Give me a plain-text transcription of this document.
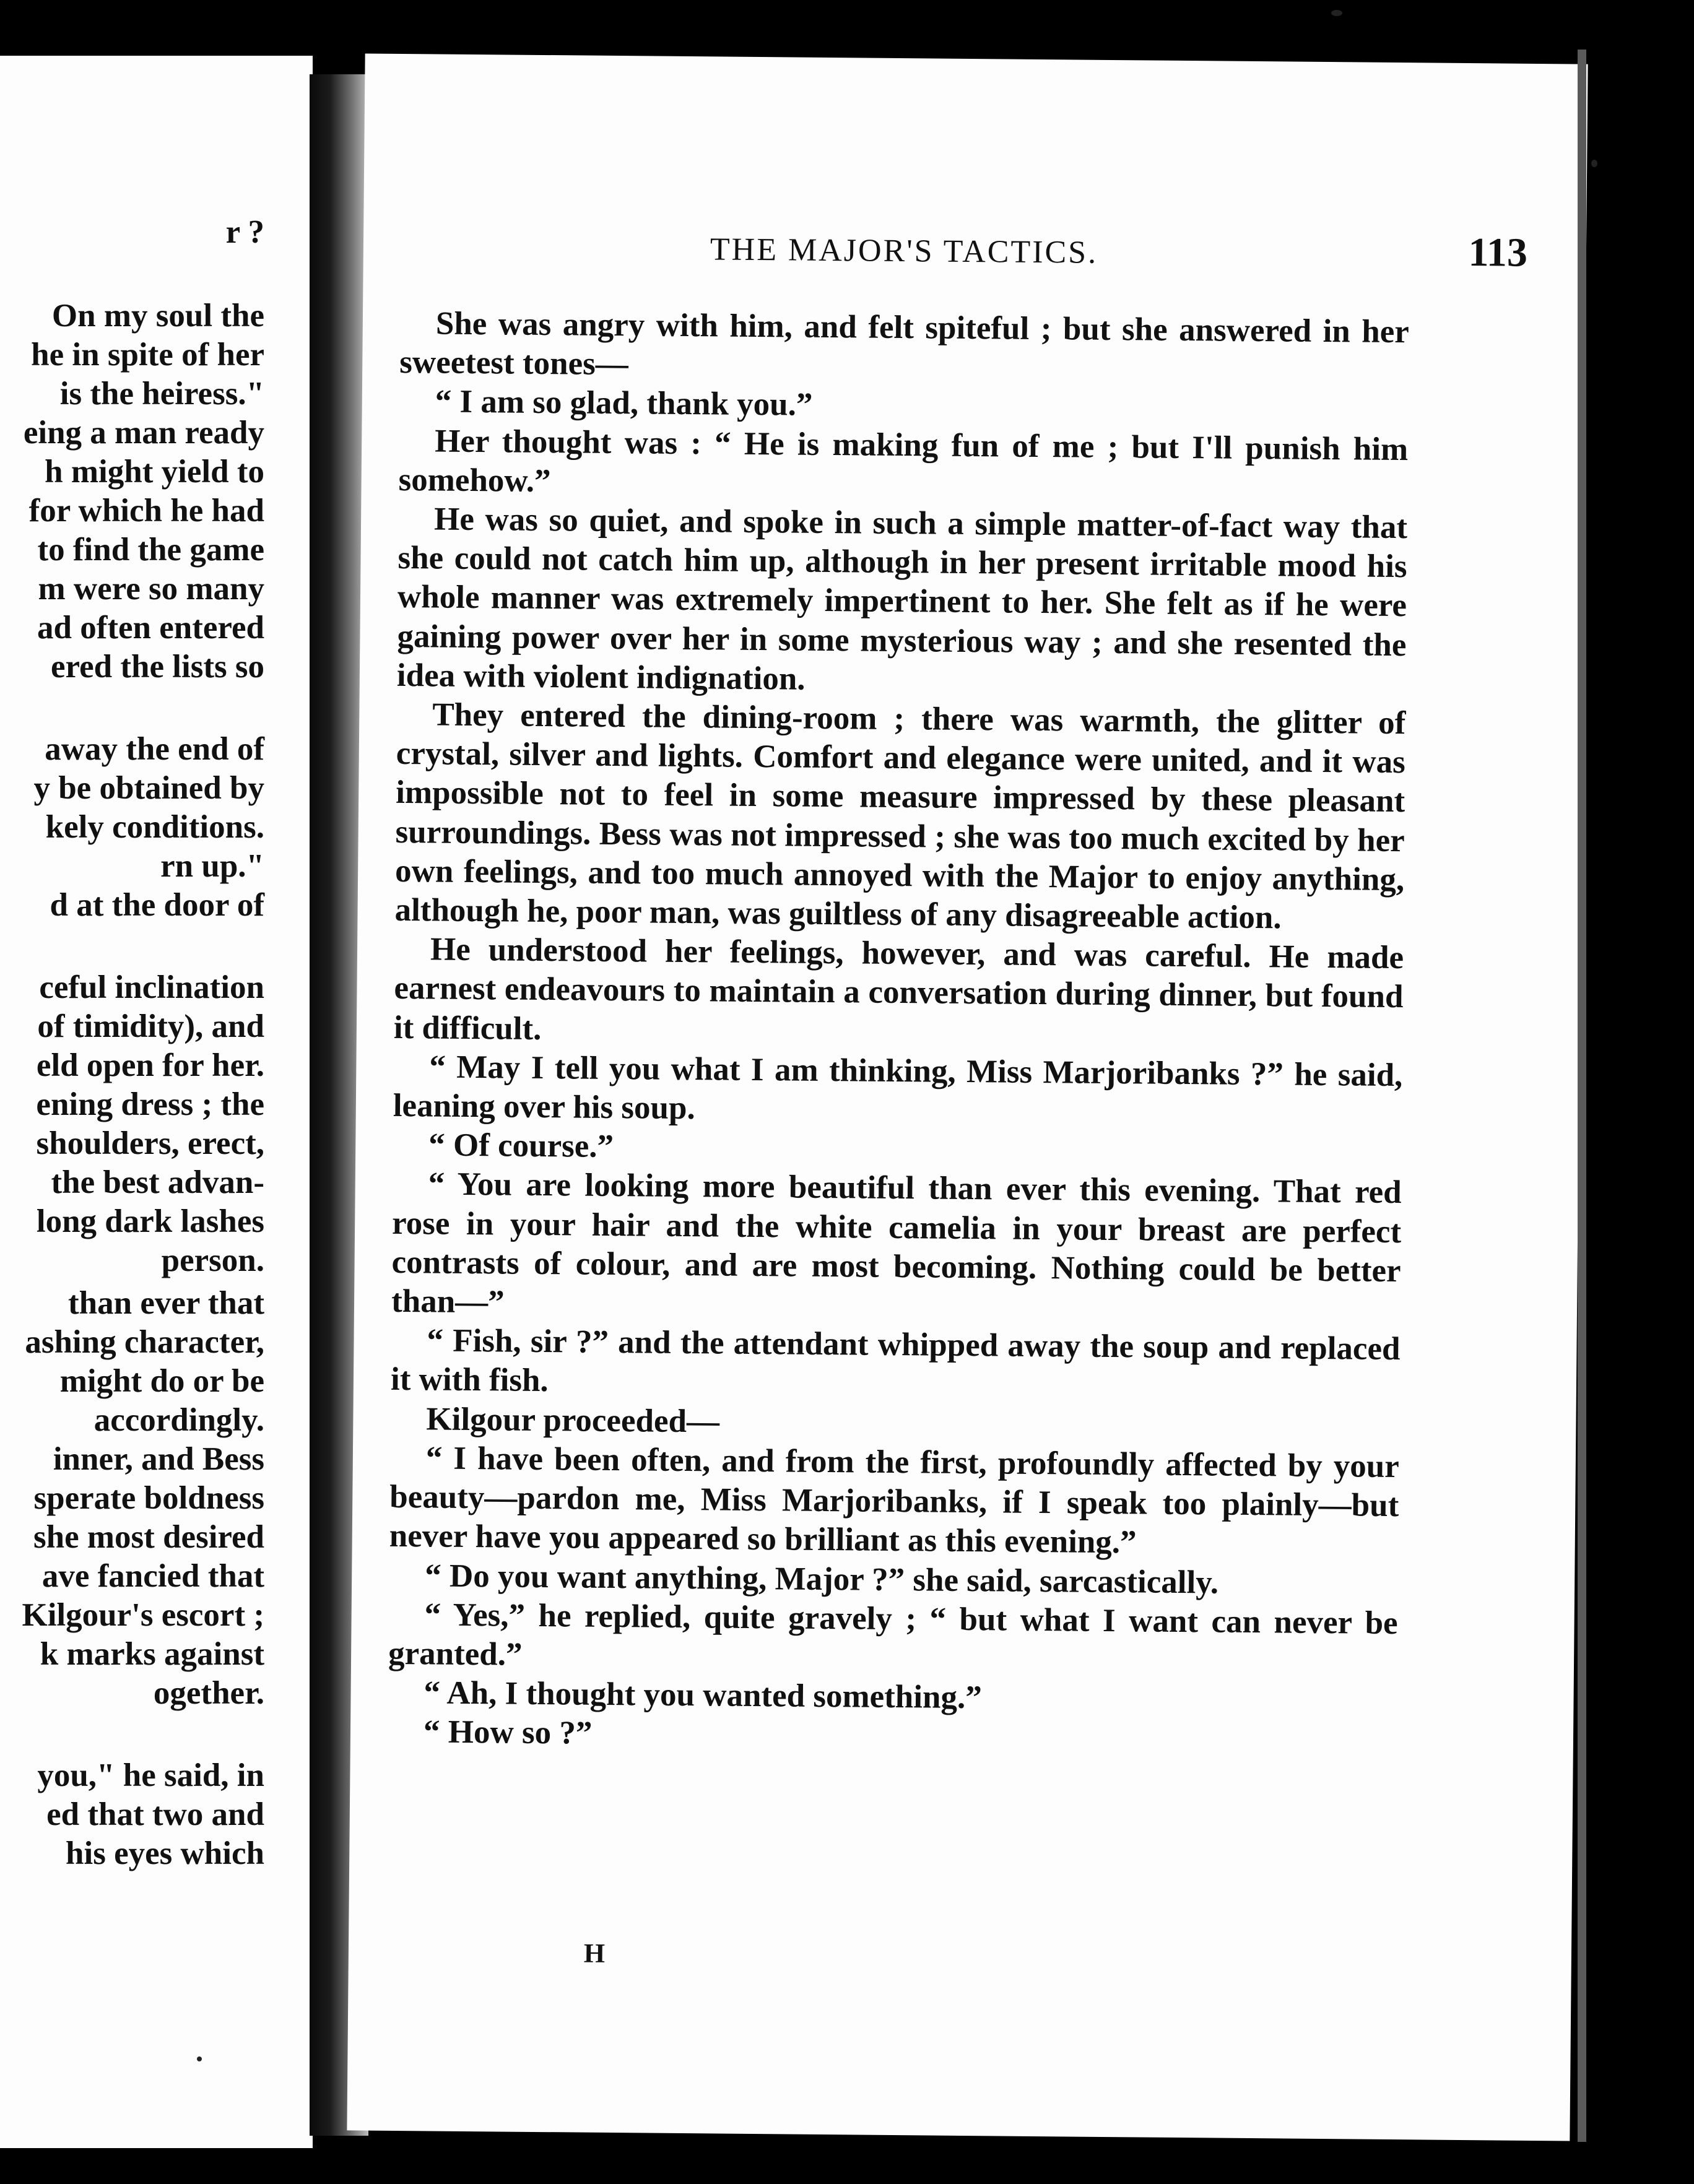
r ?

On my soul the

he in spite of her

is the heiress."

eing a man ready

h might yield to

for which he had

to find the game

m were so many

ad often entered

ered the lists so

away the end of

y be obtained by

kely conditions.

rn up."

d at the door of

ceful inclination

of timidity), and

eld open for her.

ening dress ; the

shoulders, erect,

the best advan-

long dark lashes

person.

than ever that

ashing character,

might do or be

accordingly.

inner, and Bess

sperate boldness

she most desired

ave fancied that

Kilgour's escort ;

k marks against

ogether.

you," he said, in

ed that two and

his eyes which

THE MAJOR'S TACTICS.	113

She was angry with him, and felt spiteful ; but she answered in her sweetest tones—

“ I am so glad, thank you.”

Her thought was : “ He is making fun of me ; but I'll punish him somehow.”

He was so quiet, and spoke in such a simple matter-of-fact way that she could not catch him up, although in her present irritable mood his whole manner was extremely impertinent to her. She felt as if he were gaining power over her in some mysterious way ; and she resented the idea with violent indignation.

They entered the dining-room ; there was warmth, the glitter of crystal, silver and lights. Comfort and elegance were united, and it was impossible not to feel in some measure impressed by these pleasant surroundings. Bess was not impressed ; she was too much excited by her own feelings, and too much annoyed with the Major to enjoy anything, although he, poor man, was guiltless of any disagreeable action.

He understood her feelings, however, and was careful. He made earnest endeavours to maintain a conversation during dinner, but found it difficult.

“ May I tell you what I am thinking, Miss Marjoribanks ?” he said, leaning over his soup.

“ Of course.”

“ You are looking more beautiful than ever this evening. That red rose in your hair and the white camelia in your breast are perfect contrasts of colour, and are most becoming. Nothing could be better than—”

“ Fish, sir ?” and the attendant whipped away the soup and replaced it with fish.

Kilgour proceeded—

“ I have been often, and from the first, profoundly affected by your beauty—pardon me, Miss Marjoribanks, if I speak too plainly—but never have you appeared so brilliant as this evening.”

“ Do you want anything, Major ?” she said, sarcastically.

“ Yes,” he replied, quite gravely ; “ but what I want can never be granted.”

“ Ah, I thought you wanted something.”

“ How so ?”

H
